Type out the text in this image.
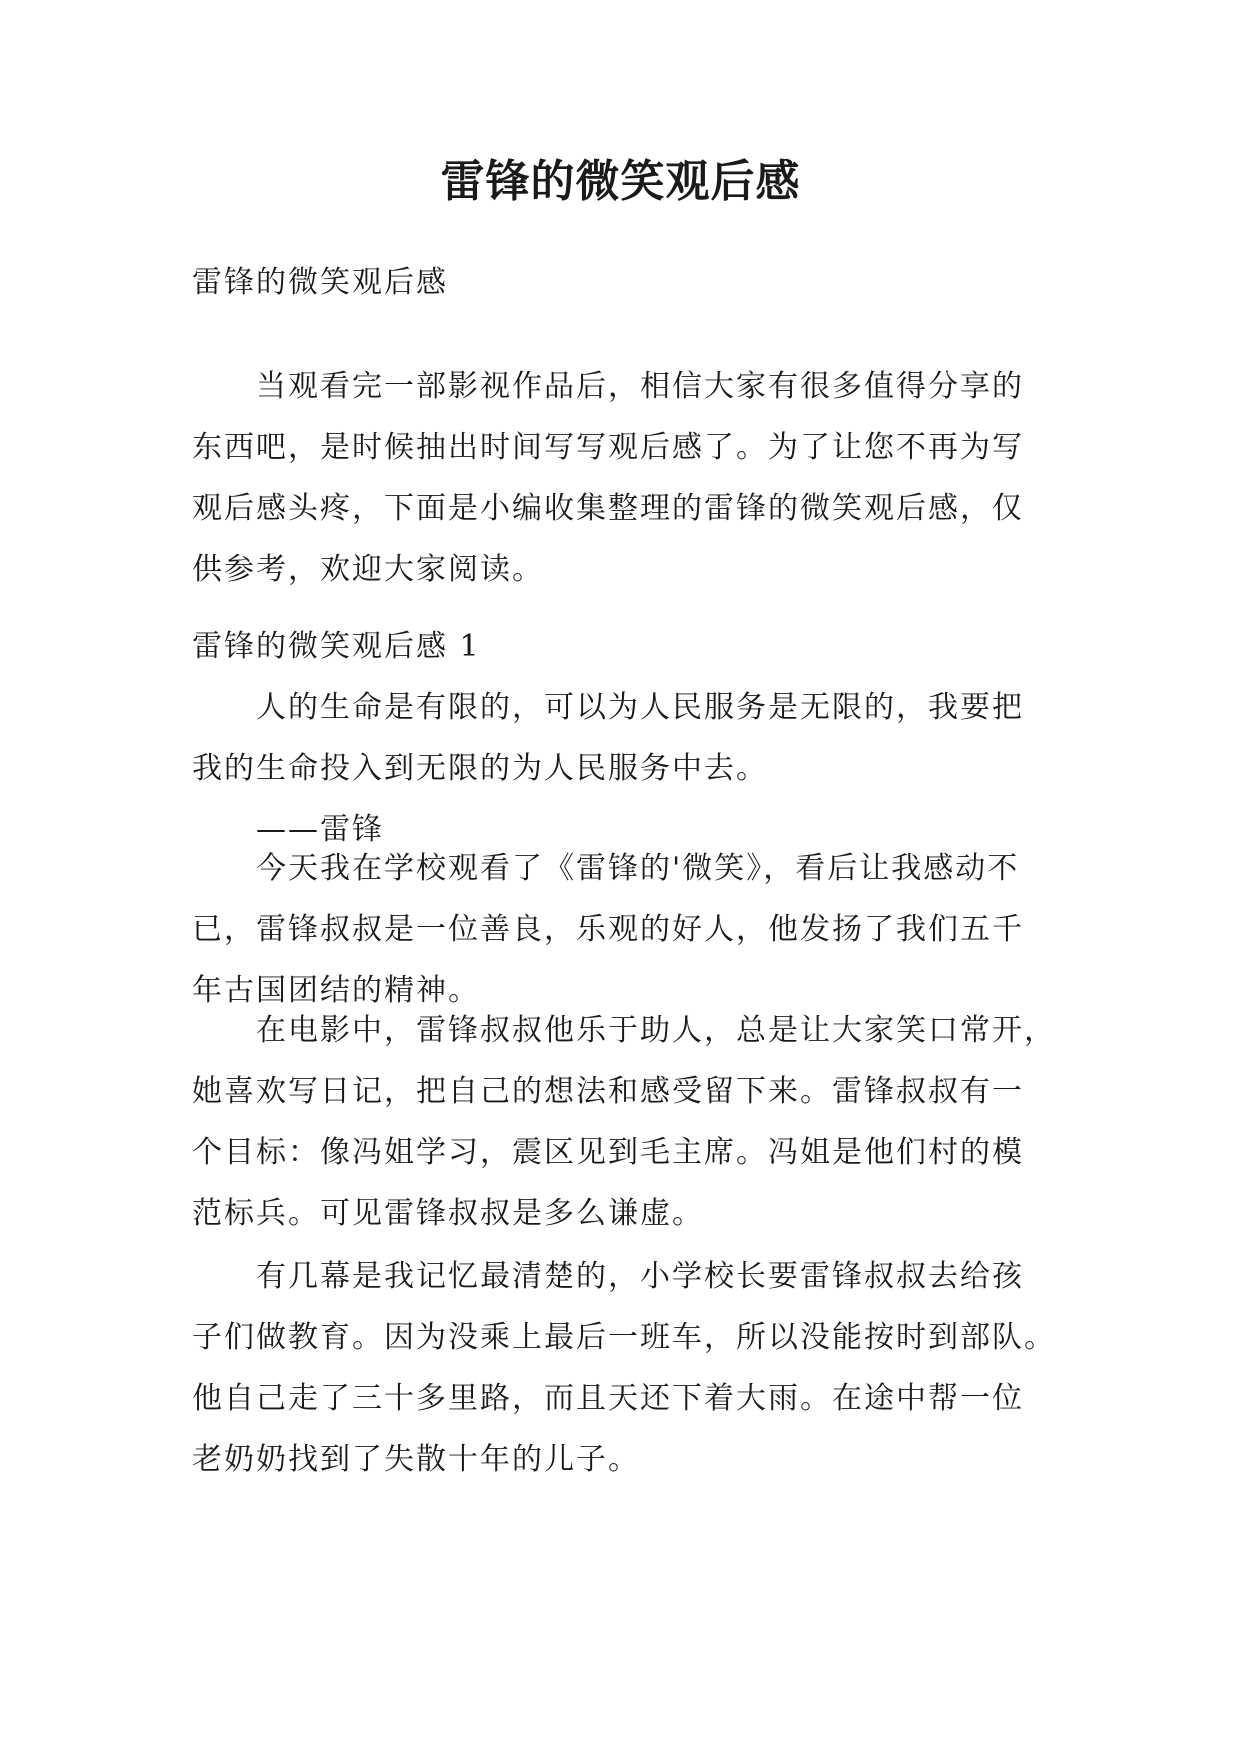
雷锋的微笑观后感
雷锋的微笑观后感
当观看完一部影视作品后，相信大家有很多值得分享的
东西吧，是时候抽出时间写写观后感了。为了让您不再为写
观后感头疼，下面是小编收集整理的雷锋的微笑观后感，仅
供参考，欢迎大家阅读。
雷锋的微笑观后感 1
人的生命是有限的，可以为人民服务是无限的，我要把
我的生命投入到无限的为人民服务中去。
——雷锋
今天我在学校观看了《雷锋的'微笑》，看后让我感动不
已，雷锋叔叔是一位善良，乐观的好人，他发扬了我们五千
年古国团结的精神。
在电影中，雷锋叔叔他乐于助人，总是让大家笑口常开，
她喜欢写日记，把自己的想法和感受留下来。雷锋叔叔有一
个目标：像冯姐学习，震区见到毛主席。冯姐是他们村的模
范标兵。可见雷锋叔叔是多么谦虚。
有几幕是我记忆最清楚的，小学校长要雷锋叔叔去给孩
子们做教育。因为没乘上最后一班车，所以没能按时到部队。
他自己走了三十多里路，而且天还下着大雨。在途中帮一位
老奶奶找到了失散十年的儿子。
